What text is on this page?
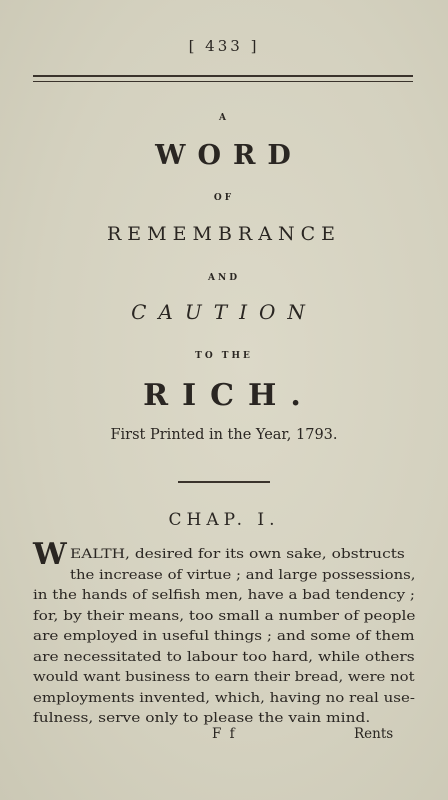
[ 433 ]
A
WORD
OF
REMEMBRANCE
AND
CAUTION
TO THE
RICH.
First Printed in the Year, 1793.
CHAP. I.
W EALTH, desired for its own sake, obstructs
the increase of virtue ; and large possessions,
in the hands of selfish men, have a bad tendency ;
for, by their means, too small a number of people
are employed in useful things ; and some of them
are necessitated to labour too hard, while others
would want business to earn their bread, were not
employments invented, which, having no real use-
fulness, serve only to please the vain mind.
F f	Rents
